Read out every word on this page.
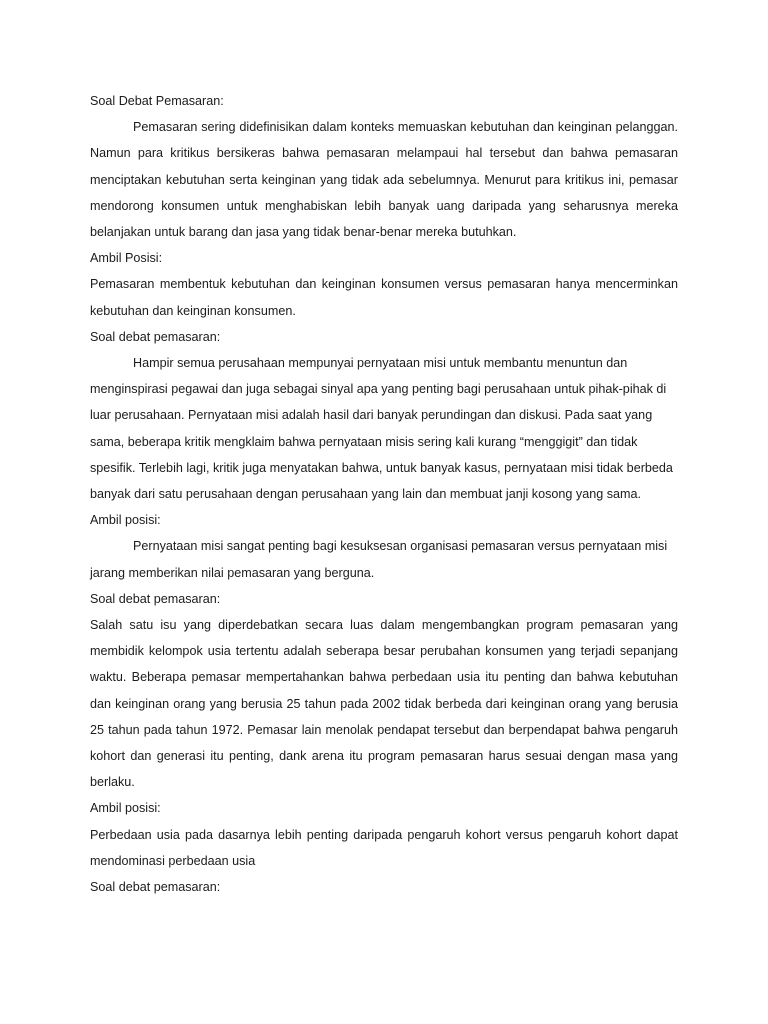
Soal Debat Pemasaran:

Pemasaran sering didefinisikan dalam konteks memuaskan kebutuhan dan keinginan pelanggan. Namun para kritikus bersikeras bahwa pemasaran melampaui hal tersebut dan bahwa pemasaran menciptakan kebutuhan serta keinginan yang tidak ada sebelumnya. Menurut para kritikus ini, pemasar mendorong konsumen untuk menghabiskan lebih banyak uang daripada yang seharusnya mereka belanjakan untuk barang dan jasa yang tidak benar-benar mereka butuhkan.

Ambil Posisi:

Pemasaran membentuk kebutuhan dan keinginan konsumen versus pemasaran hanya mencerminkan kebutuhan dan keinginan konsumen.

Soal debat pemasaran:

Hampir semua perusahaan mempunyai pernyataan misi untuk membantu menuntun dan menginspirasi pegawai dan juga sebagai sinyal apa yang penting bagi perusahaan untuk pihak-pihak di luar perusahaan. Pernyataan misi adalah hasil dari banyak perundingan dan diskusi. Pada saat yang sama, beberapa kritik mengklaim bahwa pernyataan misis sering kali kurang “menggigit” dan tidak spesifik. Terlebih lagi, kritik juga menyatakan bahwa, untuk banyak kasus, pernyataan misi tidak berbeda banyak dari satu perusahaan dengan perusahaan yang lain dan membuat janji kosong yang sama.

Ambil posisi:

Pernyataan misi sangat penting bagi kesuksesan organisasi pemasaran versus pernyataan misi jarang memberikan nilai pemasaran yang berguna.

Soal debat pemasaran:

Salah satu isu yang diperdebatkan secara luas dalam mengembangkan program pemasaran yang membidik kelompok usia tertentu adalah seberapa besar perubahan konsumen yang terjadi sepanjang waktu. Beberapa pemasar mempertahankan bahwa perbedaan usia itu penting dan bahwa kebutuhan dan keinginan orang yang berusia 25 tahun pada 2002 tidak berbeda dari keinginan orang yang berusia 25 tahun pada tahun 1972. Pemasar lain menolak pendapat tersebut dan berpendapat bahwa pengaruh kohort dan generasi itu penting, dank arena itu program pemasaran harus sesuai dengan masa yang berlaku.

Ambil posisi:

Perbedaan usia pada dasarnya lebih penting daripada pengaruh kohort versus pengaruh kohort dapat mendominasi perbedaan usia

Soal debat pemasaran:
